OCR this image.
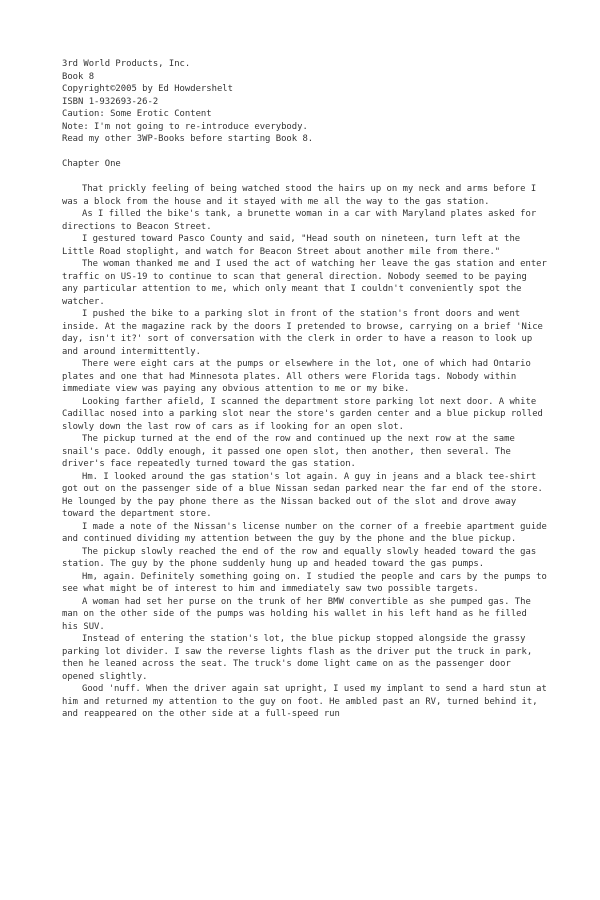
3rd World Products, Inc.
Book 8
Copyright©2005 by Ed Howdershelt
ISBN 1-932693-26-2
Caution: Some Erotic Content
Note: I'm not going to re-introduce everybody.
Read my other 3WP-Books before starting Book 8.
Chapter One

That prickly feeling of being watched stood the hairs up on my neck and arms before I was a block from the house and it stayed with me all the way to the gas station.

As I filled the bike's tank, a brunette woman in a car with Maryland plates asked for directions to Beacon Street.

I gestured toward Pasco County and said, "Head south on nineteen, turn left at the Little Road stoplight, and watch for Beacon Street about another mile from there."

The woman thanked me and I used the act of watching her leave the gas station and enter traffic on US-19 to continue to scan that general direction. Nobody seemed to be paying any particular attention to me, which only meant that I couldn't conveniently spot the watcher.

I pushed the bike to a parking slot in front of the station's front doors and went inside. At the magazine rack by the doors I pretended to browse, carrying on a brief 'Nice day, isn't it?' sort of conversation with the clerk in order to have a reason to look up and around intermittently.

There were eight cars at the pumps or elsewhere in the lot, one of which had Ontario plates and one that had Minnesota plates. All others were Florida tags. Nobody within immediate view was paying any obvious attention to me or my bike.

Looking farther afield, I scanned the department store parking lot next door. A white Cadillac nosed into a parking slot near the store's garden center and a blue pickup rolled slowly down the last row of cars as if looking for an open slot.

The pickup turned at the end of the row and continued up the next row at the same snail's pace. Oddly enough, it passed one open slot, then another, then several. The driver's face repeatedly turned toward the gas station.

Hm. I looked around the gas station's lot again. A guy in jeans and a black tee-shirt got out on the passenger side of a blue Nissan sedan parked near the far end of the store. He lounged by the pay phone there as the Nissan backed out of the slot and drove away toward the department store.

I made a note of the Nissan's license number on the corner of a freebie apartment guide and continued dividing my attention between the guy by the phone and the blue pickup.

The pickup slowly reached the end of the row and equally slowly headed toward the gas station. The guy by the phone suddenly hung up and headed toward the gas pumps.

Hm, again. Definitely something going on. I studied the people and cars by the pumps to see what might be of interest to him and immediately saw two possible targets.

A woman had set her purse on the trunk of her BMW convertible as she pumped gas. The man on the other side of the pumps was holding his wallet in his left hand as he filled his SUV.

Instead of entering the station's lot, the blue pickup stopped alongside the grassy parking lot divider. I saw the reverse lights flash as the driver put the truck in park, then he leaned across the seat. The truck's dome light came on as the passenger door opened slightly.

Good 'nuff. When the driver again sat upright, I used my implant to send a hard stun at him and returned my attention to the guy on foot. He ambled past an RV, turned behind it, and reappeared on the other side at a full-speed run
